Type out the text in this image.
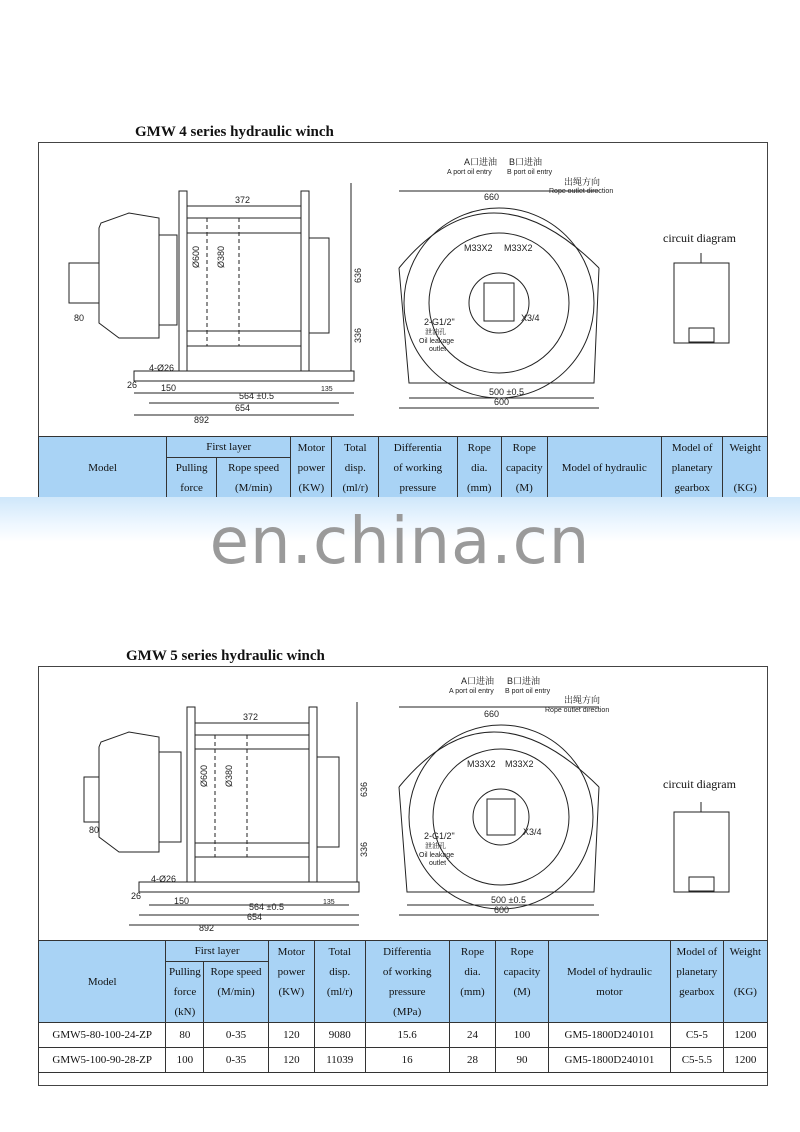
GMW 4 series hydraulic winch
372
Ø600 Ø380
636
336
80
4-Ø26
26	150
564 ±0.5
654
892
135
660
500 ±0.5
600
M33X2 M33X2
X3/4
A口进油
A port oil entry
B口进油
B port oil entry
出绳方向
Rope outlet direction
2-G1/2"
泄油孔
Oil leakage
outlet
circuit diagram
Model	First layer		Motor
power
(KW)	Total
disp.
(ml/r)	Differentia
of working
pressure	Rope
dia.
(mm)	Rope
capacity
(M)	Model of hydraulic	Model of
planetary
gearbox	Weight

(KG)

	Pulling
force	Rope speed
(M/min)								

en.china.cn
GMW 5 series hydraulic winch
372
Ø600 Ø380
636
336
80
4-Ø26
26	150
564 ±0.5
654
892
135
660
500 ±0.5
600
M33X2 M33X2
X3/4
A口进油
A port oil entry
B口进油
B port oil entry
出绳方向
Rope outlet direction
2-G1/2"
泄油孔
Oil leakage
outlet
circuit diagram
Model	First layer		Motor
power
(KW)	Total
disp.
(ml/r)	Differentia
of working
pressure
(MPa)	Rope
dia.
(mm)	Rope
capacity
(M)	Model of hydraulic
motor	Model of
planetary
gearbox	Weight

(KG)

	Pulling
force
(kN)	Rope speed
(M/min)								

GMW5-80-100-24-ZP	80	0-35	120	9080	15.6	24	100	GM5-1800D240101	C5-5	1200
GMW5-100-90-28-ZP	100	0-35	120	11039	16	28	90	GM5-1800D240101	C5-5.5	1200
